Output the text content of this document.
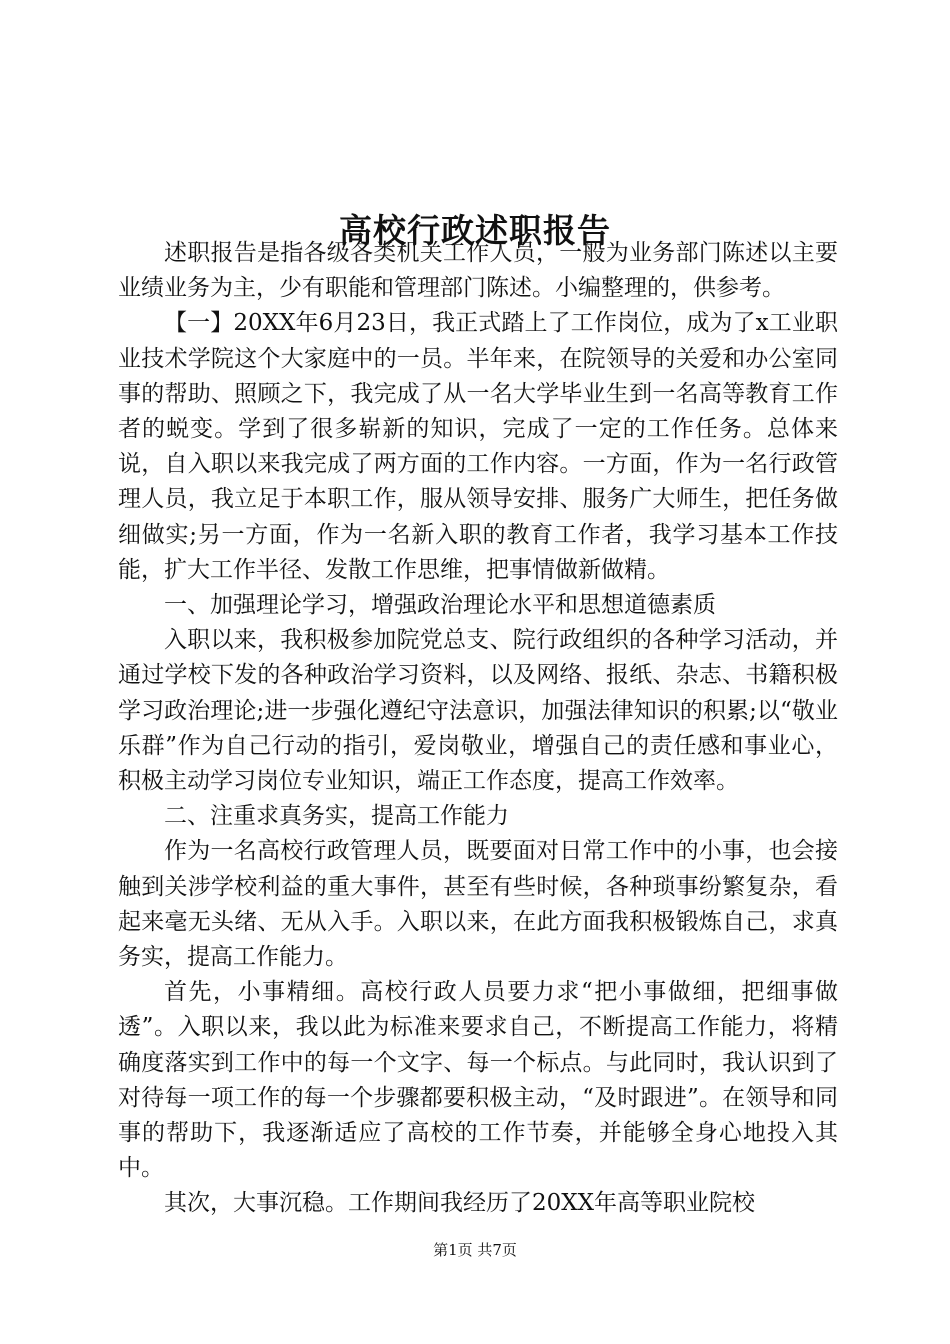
高校行政述职报告

述职报告是指各级各类机关工作人员，一般为业务部门陈述以主要业绩业务为主，少有职能和管理部门陈述。小编整理的，供参考。

【一】20XX年6月23日，我正式踏上了工作岗位，成为了x工业职业技术学院这个大家庭中的一员。半年来，在院领导的关爱和办公室同事的帮助、照顾之下，我完成了从一名大学毕业生到一名高等教育工作者的蜕变。学到了很多崭新的知识，完成了一定的工作任务。总体来说，自入职以来我完成了两方面的工作内容。一方面，作为一名行政管理人员，我立足于本职工作，服从领导安排、服务广大师生，把任务做细做实;另一方面，作为一名新入职的教育工作者，我学习基本工作技能，扩大工作半径、发散工作思维，把事情做新做精。

一、加强理论学习，增强政治理论水平和思想道德素质

入职以来，我积极参加院党总支、院行政组织的各种学习活动，并通过学校下发的各种政治学习资料，以及网络、报纸、杂志、书籍积极学习政治理论;进一步强化遵纪守法意识，加强法律知识的积累;以“敬业乐群”作为自己行动的指引，爱岗敬业，增强自己的责任感和事业心，积极主动学习岗位专业知识，端正工作态度，提高工作效率。

二、注重求真务实，提高工作能力

作为一名高校行政管理人员，既要面对日常工作中的小事，也会接触到关涉学校利益的重大事件，甚至有些时候，各种琐事纷繁复杂，看起来毫无头绪、无从入手。入职以来，在此方面我积极锻炼自己，求真务实，提高工作能力。

首先，小事精细。高校行政人员要力求“把小事做细，把细事做透”。入职以来，我以此为标准来要求自己，不断提高工作能力，将精确度落实到工作中的每一个文字、每一个标点。与此同时，我认识到了对待每一项工作的每一个步骤都要积极主动，“及时跟进”。在领导和同事的帮助下，我逐渐适应了高校的工作节奏，并能够全身心地投入其中。

其次，大事沉稳。工作期间我经历了20XX年高等职业院校

第1页 共7页
